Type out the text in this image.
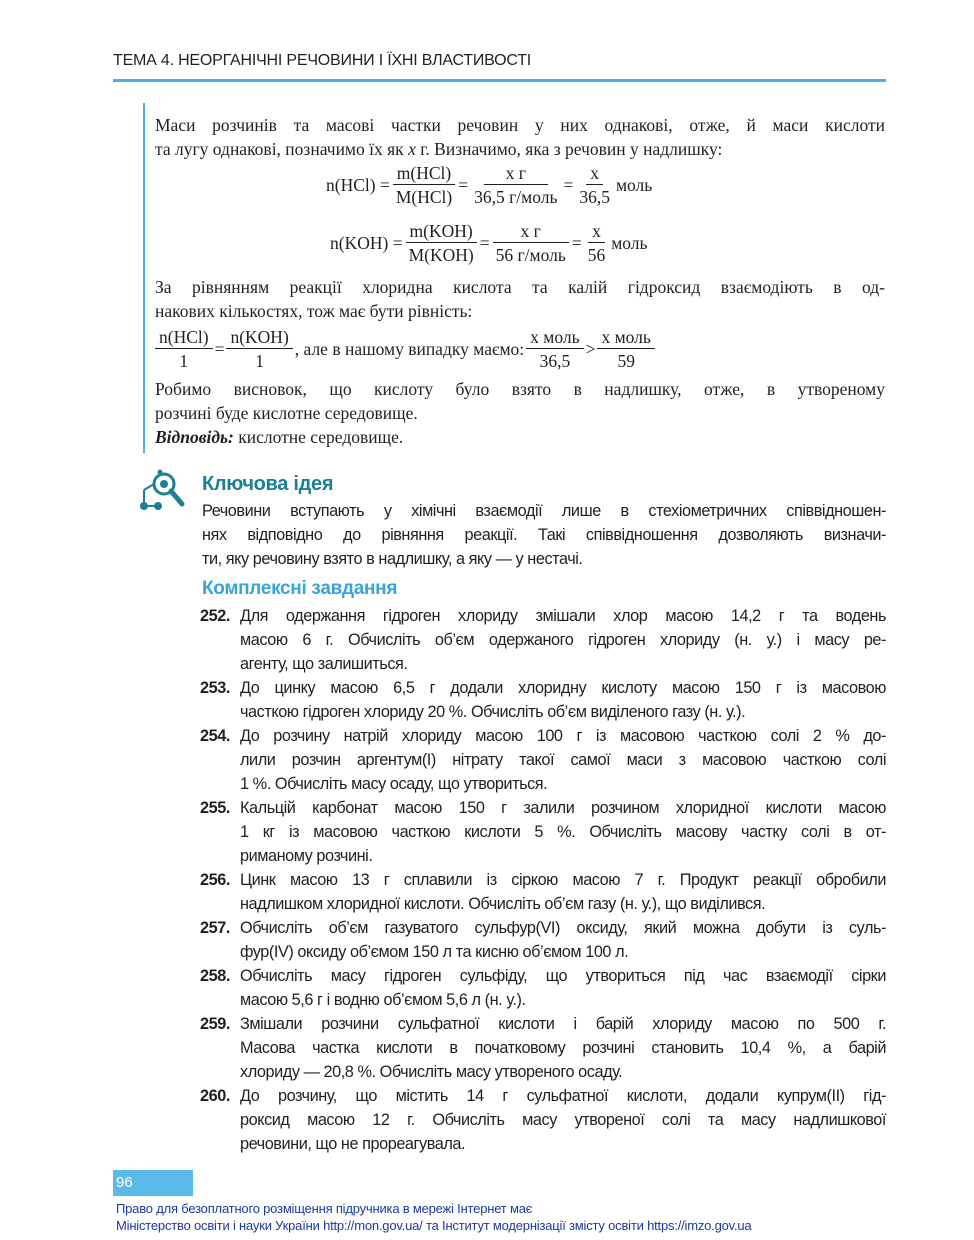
ТЕМА 4. НЕОРГАНІЧНІ РЕЧОВИНИ І ЇХНІ ВЛАСТИВОСТІ
Маси розчинів та масові частки речовин у них однакові, отже, й маси кислоти
та лугу однакові, позначимо їх як x г. Визначимо, яка з речовин у надлишку:
n(HCl) =
m(HCl)
M(HCl)
=
x г
36,5 г/моль
= $\frac{x}{36,5}$ моль
n(KOH) =
m(KOH)
M(KOH)
=
x г
56 г/моль
= $\frac{x}{56}$ моль
За рівнянням реакції хлоридна кислота та калій гідроксид взаємодіють в од-
накових кількостях, тож має бути рівність:
n(HCl)
1
=
n(KOH)
1
, але в нашому випадку маємо:
x моль
36,5
>
x моль
59
Робимо висновок, що кислоту було взято в надлишку, отже, в утвореному
розчині буде кислотне середовище.
Відповідь: кислотне середовище.
Ключова ідея
Речовини вступають у хімічні взаємодії лише в стехіометричних співвідношен-
нях відповідно до рівняння реакції. Такі співвідношення дозволяють визначи-
ти, яку речовину взято в надлишку, а яку — у нестачі.
Комплексні завдання
252. Для одержання гідроген хлориду змішали хлор масою 14,2 г та водень
масою 6 г. Обчисліть об’єм одержаного гідроген хлориду (н. у.) і масу ре-
агенту, що залишиться.
253. До цинку масою 6,5 г додали хлоридну кислоту масою 150 г із масовою
часткою гідроген хлориду 20 %. Обчисліть об’єм виділеного газу (н. у.).
254. До розчину натрій хлориду масою 100 г із масовою часткою солі 2 % до-
лили розчин аргентум(I) нітрату такої самої маси з масовою часткою солі
1 %. Обчисліть масу осаду, що утвориться.
255. Кальцій карбонат масою 150 г залили розчином хлоридної кислоти масою
1 кг із масовою часткою кислоти 5 %. Обчисліть масову частку солі в от-
риманому розчині.
256. Цинк масою 13 г сплавили із сіркою масою 7 г. Продукт реакції обробили
надлишком хлоридної кислоти. Обчисліть об’єм газу (н. у.), що виділився.
257. Обчисліть об’єм газуватого сульфур(VI) оксиду, який можна добути із суль-
фур(IV) оксиду об’ємом 150 л та кисню об’ємом 100 л.
258. Обчисліть масу гідроген сульфіду, що утвориться під час взаємодії сірки
масою 5,6 г і водню об’ємом 5,6 л (н. у.).
259. Змішали розчини сульфатної кислоти і барій хлориду масою по 500 г.
Масова частка кислоти в початковому розчині становить 10,4 %, а барій
хлориду — 20,8 %. Обчисліть масу утвореного осаду.
260. До розчину, що містить 14 г сульфатної кислоти, додали купрум(II) гід-
роксид масою 12 г. Обчисліть масу утвореної солі та масу надлишкової
речовини, що не прореагувала.
96
Право для безоплатного розміщення підручника в мережі Інтернет має
Міністерство освіти і науки України http://mon.gov.ua/ та Інститут модернізації змісту освіти https://imzo.gov.ua
